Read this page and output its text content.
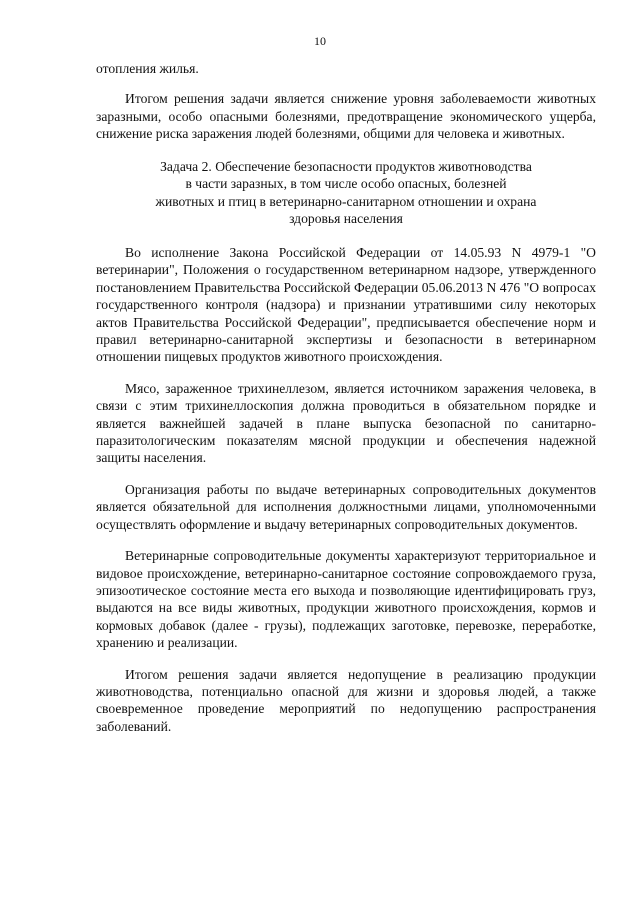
10

отопления жилья.

Итогом решения задачи является снижение уровня заболеваемости животных заразными, особо опасными болезнями, предотвращение экономического ущерба, снижение риска заражения людей болезнями, общими для человека и животных.

Задача 2. Обеспечение безопасности продуктов животноводства
в части заразных, в том числе особо опасных, болезней
животных и птиц в ветеринарно-санитарном отношении и охрана
здоровья населения

Во исполнение Закона Российской Федерации от 14.05.93 N 4979-1 "О ветеринарии", Положения о государственном ветеринарном надзоре, утвержденного постановлением Правительства Российской Федерации 05.06.2013 N 476 "О вопросах государственного контроля (надзора) и признании утратившими силу некоторых актов Правительства Российской Федерации", предписывается обеспечение норм и правил ветеринарно-санитарной экспертизы и безопасности в ветеринарном отношении пищевых продуктов животного происхождения.

Мясо, зараженное трихинеллезом, является источником заражения человека, в связи с этим трихинеллоскопия должна проводиться в обязательном порядке и является важнейшей задачей в плане выпуска безопасной по санитарно-паразитологическим показателям мясной продукции и обеспечения надежной защиты населения.

Организация работы по выдаче ветеринарных сопроводительных документов является обязательной для исполнения должностными лицами, уполномоченными осуществлять оформление и выдачу ветеринарных сопроводительных документов.

Ветеринарные сопроводительные документы характеризуют территориальное и видовое происхождение, ветеринарно-санитарное состояние сопровождаемого груза, эпизоотическое состояние места его выхода и позволяющие идентифицировать груз, выдаются на все виды животных, продукции животного происхождения, кормов и кормовых добавок (далее - грузы), подлежащих заготовке, перевозке, переработке, хранению и реализации.

Итогом решения задачи является недопущение в реализацию продукции животноводства, потенциально опасной для жизни и здоровья людей, а также своевременное проведение мероприятий по недопущению распространения заболеваний.
